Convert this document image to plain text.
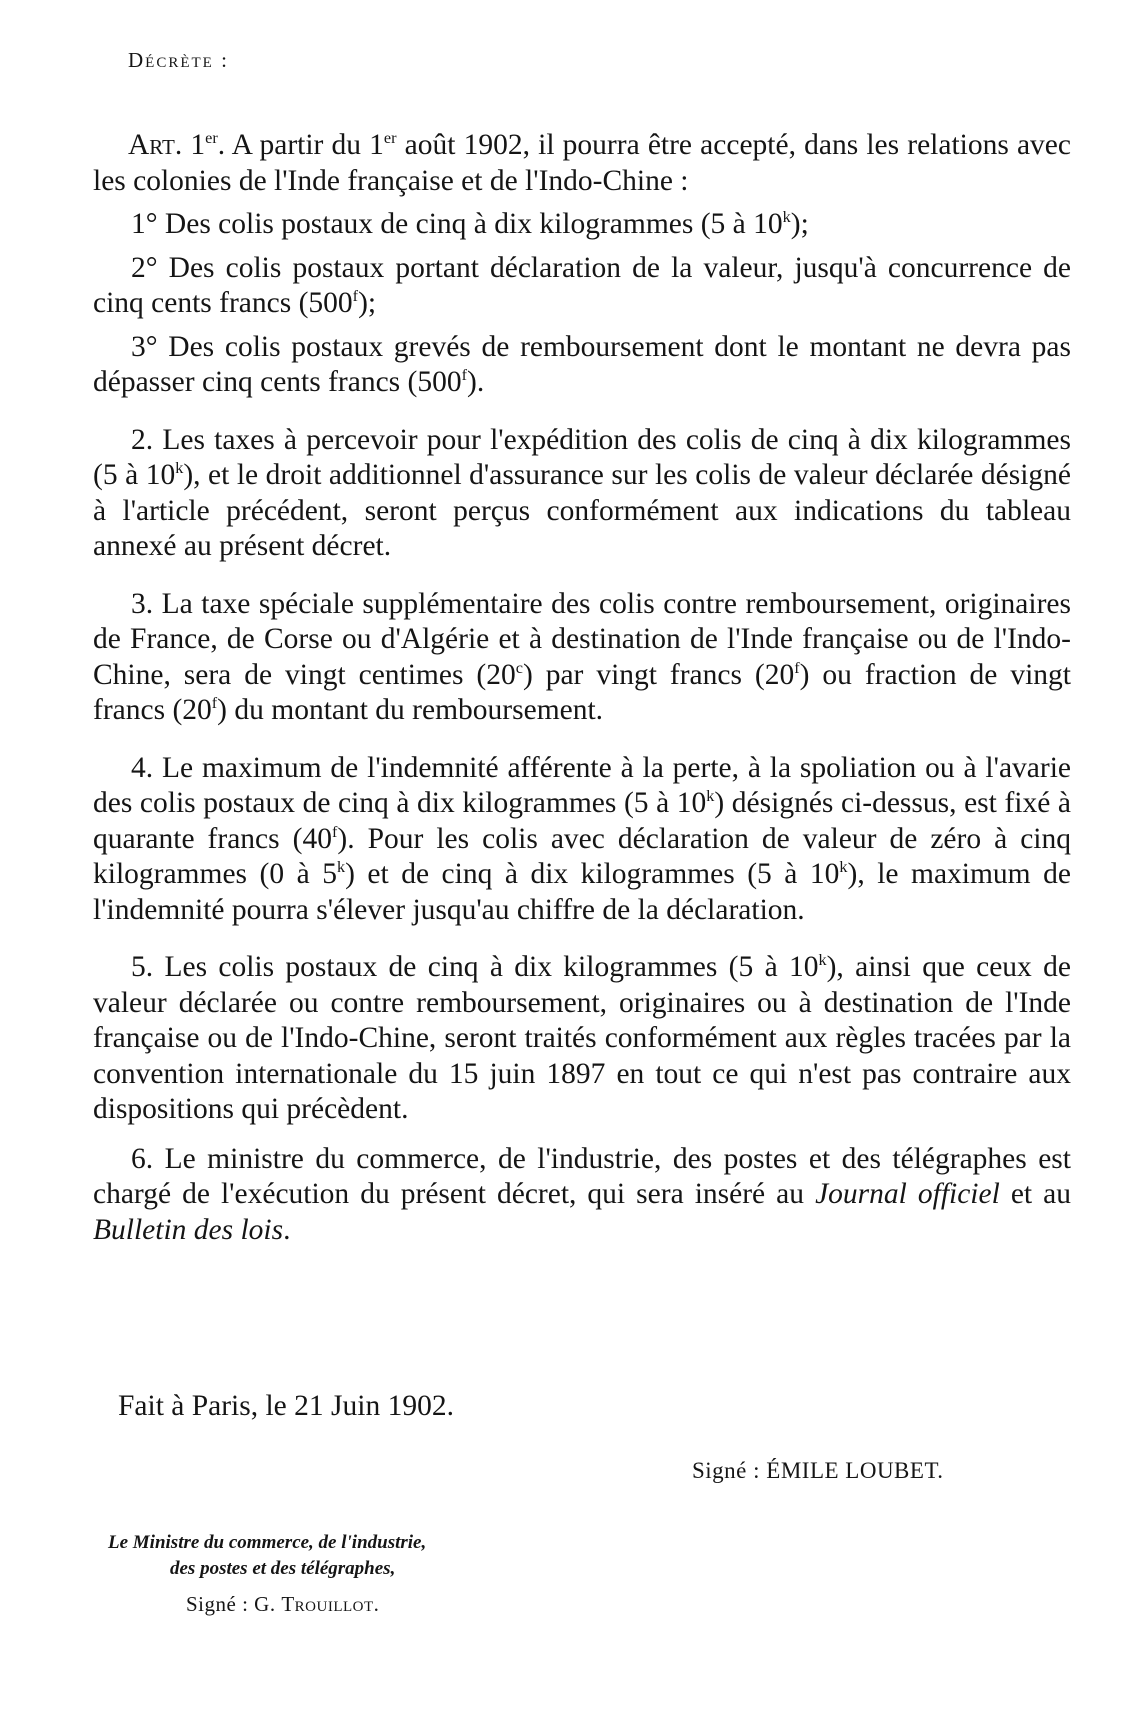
Décrète :

Art. 1er. A partir du 1er août 1902, il pourra être accepté, dans les relations avec les colonies de l'Inde française et de l'Indo-Chine :

1° Des colis postaux de cinq à dix kilogrammes (5 à 10$^k$);

2° Des colis postaux portant déclaration de la valeur, jusqu'à concurrence de cinq cents francs (500$^f$);

3° Des colis postaux grevés de remboursement dont le montant ne devra pas dépasser cinq cents francs (500$^f$).

2. Les taxes à percevoir pour l'expédition des colis de cinq à dix kilogrammes (5 à 10$^k$), et le droit additionnel d'assurance sur les colis de valeur déclarée désigné à l'article précédent, seront perçus conformément aux indications du tableau annexé au présent décret.

3. La taxe spéciale supplémentaire des colis contre remboursement, originaires de France, de Corse ou d'Algérie et à destination de l'Inde française ou de l'Indo-Chine, sera de vingt centimes (20$^c$) par vingt francs (20$^f$) ou fraction de vingt francs (20$^f$) du montant du remboursement.

4. Le maximum de l'indemnité afférente à la perte, à la spoliation ou à l'avarie des colis postaux de cinq à dix kilogrammes (5 à 10$^k$) désignés ci-dessus, est fixé à quarante francs (40$^f$). Pour les colis avec déclaration de valeur de zéro à cinq kilogrammes (0 à 5$^k$) et de cinq à dix kilogrammes (5 à 10$^k$), le maximum de l'indemnité pourra s'élever jusqu'au chiffre de la déclaration.

5. Les colis postaux de cinq à dix kilogrammes (5 à 10$^k$), ainsi que ceux de valeur déclarée ou contre remboursement, originaires ou à destination de l'Inde française ou de l'Indo-Chine, seront traités conformément aux règles tracées par la convention internationale du 15 juin 1897 en tout ce qui n'est pas contraire aux dispositions qui précèdent.

6. Le ministre du commerce, de l'industrie, des postes et des télégraphes est chargé de l'exécution du présent décret, qui sera inséré au Journal officiel et au Bulletin des lois.

Fait à Paris, le 21 Juin 1902.
Signé : ÉMILE LOUBET.
Le Ministre du commerce, de l'industrie,
des postes et des télégraphes,
Signé : G. Trouillot.
